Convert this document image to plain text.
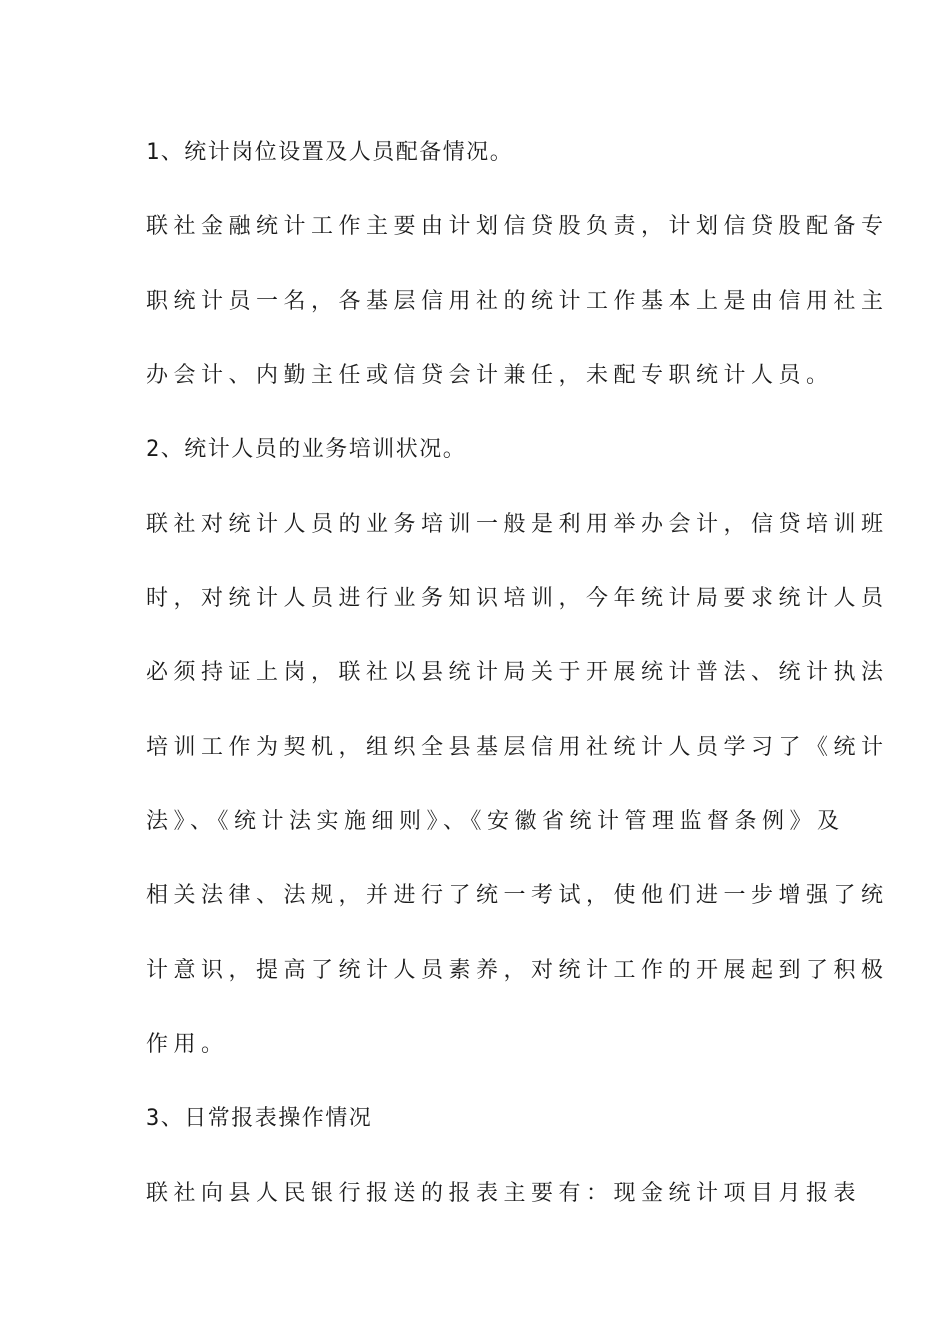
1、统计岗位设置及人员配备情况。
联社金融统计工作主要由计划信贷股负责，计划信贷股配备专
职统计员一名，各基层信用社的统计工作基本上是由信用社主
办会计、内勤主任或信贷会计兼任，未配专职统计人员。
2、统计人员的业务培训状况。
联社对统计人员的业务培训一般是利用举办会计，信贷培训班
时，对统计人员进行业务知识培训，今年统计局要求统计人员
必须持证上岗，联社以县统计局关于开展统计普法、统计执法
培训工作为契机，组织全县基层信用社统计人员学习了《统计
法》、《统计法实施细则》、《安徽省统计管理监督条例》及
相关法律、法规，并进行了统一考试，使他们进一步增强了统
计意识，提高了统计人员素养，对统计工作的开展起到了积极
作用。
3、日常报表操作情况
联社向县人民银行报送的报表主要有：现金统计项目月报表
